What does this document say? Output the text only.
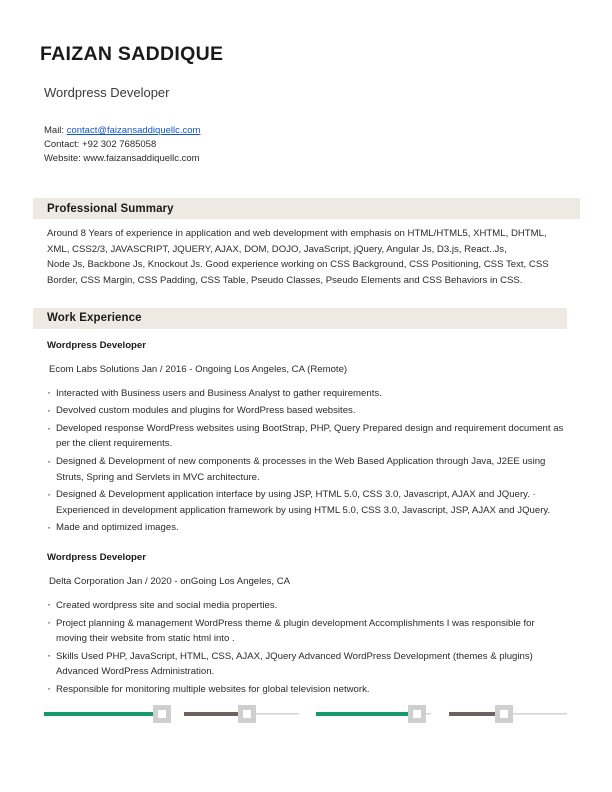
FAIZAN SADDIQUE
Wordpress Developer
Mail: contact@faizansaddiquellc.com
Contact: +92 302 7685058
Website: www.faizansaddiquellc.com
Professional Summary

Around 8 Years of experience in application and web development with emphasis on HTML/HTML5, XHTML, DHTML, XML, CSS2/3, JAVASCRIPT, JQUERY, AJAX, DOM, DOJO, JavaScript, jQuery, Angular Js, D3.js, React..Js,

Node Js, Backbone Js, Knockout Js. Good experience working on CSS Background, CSS Positioning, CSS Text, CSS Border, CSS Margin, CSS Padding, CSS Table, Pseudo Classes, Pseudo Elements and CSS Behaviors in CSS.

Work Experience
Wordpress Developer
Ecom Labs Solutions Jan / 2016 - Ongoing Los Angeles, CA (Remote)
· Interacted with Business users and Business Analyst to gather requirements.
· Devolved custom modules and plugins for WordPress based websites.
· Developed response WordPress websites using BootStrap, PHP, Query Prepared design and requirement document as per the client requirements.
· Designed & Development of new components & processes in the Web Based Application through Java, J2EE using Struts, Spring and Servlets in MVC architecture.
· Designed & Development application interface by using JSP, HTML 5.0, CSS 3.0, Javascript, AJAX and JQuery. · Experienced in development application framework by using HTML 5.0, CSS 3.0, Javascript, JSP, AJAX and JQuery.
· Made and optimized images.
Wordpress Developer
Delta Corporation Jan / 2020 - onGoing Los Angeles, CA
· Created wordpress site and social media properties.
· Project planning & management WordPress theme & plugin development Accomplishments I was responsible for moving their website from static html into .
· Skills Used PHP, JavaScript, HTML, CSS, AJAX, JQuery Advanced WordPress Development (themes & plugins) Advanced WordPress Administration.
· Responsible for monitoring multiple websites for global television network.
